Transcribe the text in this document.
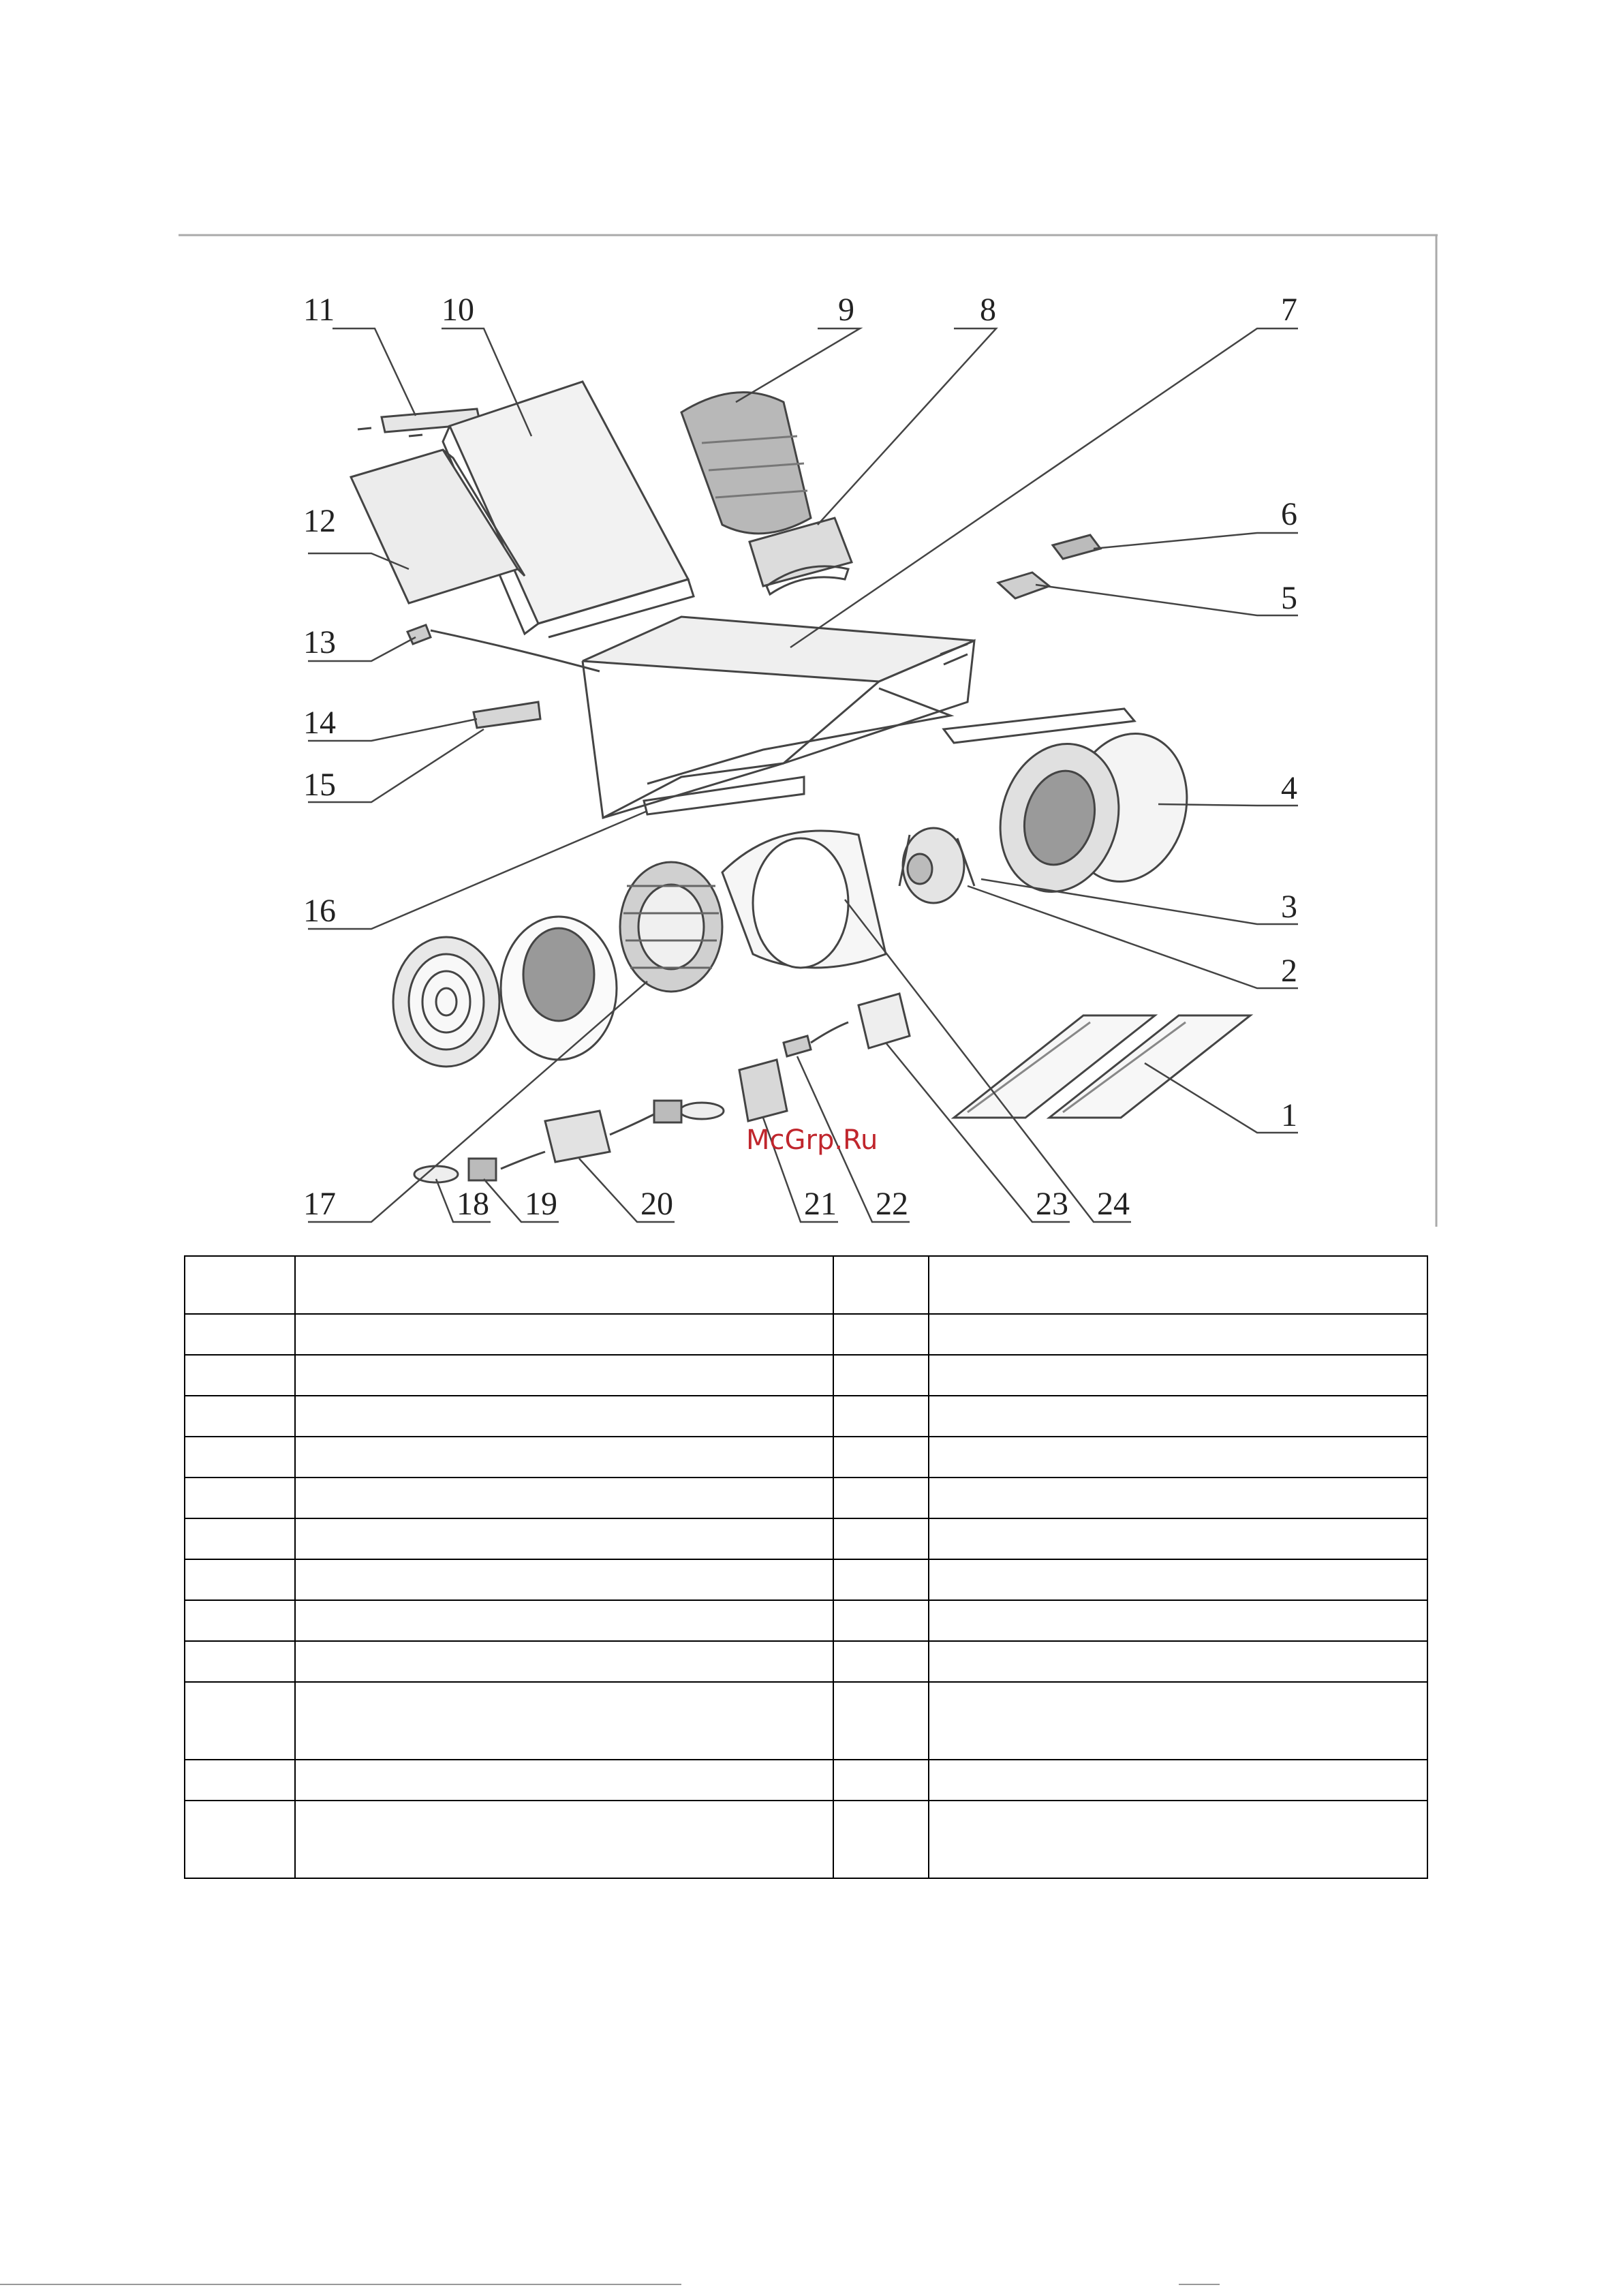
11	10	9	8	7
6
5
4
3
2
1
12
13
14
15
16
17	18 19	20	21 22	23 24
McGrp.Ru
